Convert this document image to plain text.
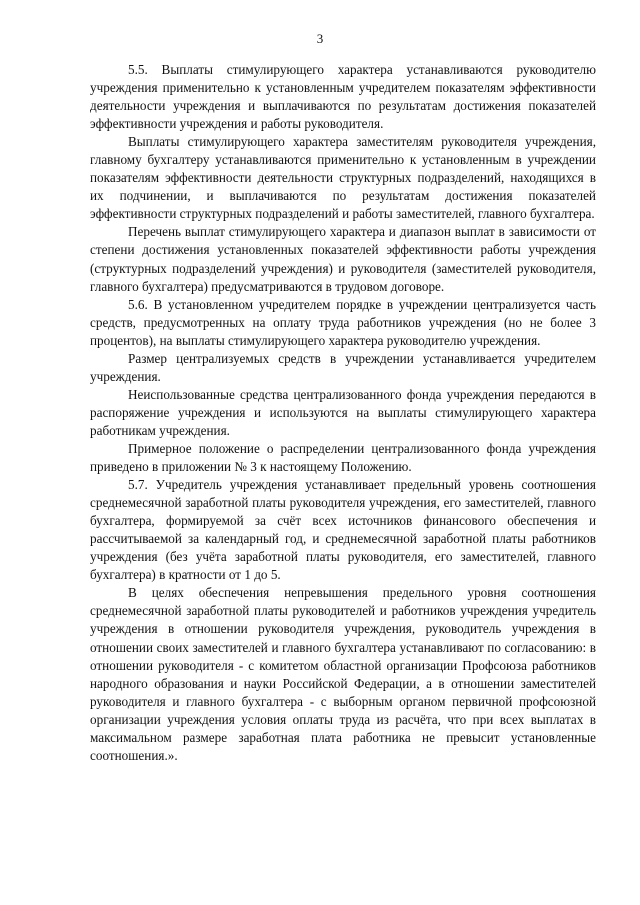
3

5.5. Выплаты стимулирующего характера устанавливаются руководителю учреждения применительно к установленным учредителем показателям эффективности деятельности учреждения и выплачиваются по результатам достижения показателей эффективности учреждения и работы руководителя.

Выплаты стимулирующего характера заместителям руководителя учреждения, главному бухгалтеру устанавливаются применительно к установленным в учреждении показателям эффективности деятельности структурных подразделений, находящихся в их подчинении, и выплачиваются по результатам достижения показателей эффективности структурных подразделений и работы заместителей, главного бухгалтера.

Перечень выплат стимулирующего характера и диапазон выплат в зависимости от степени достижения установленных показателей эффективности работы учреждения (структурных подразделений учреждения) и руководителя (заместителей руководителя, главного бухгалтера) предусматриваются в трудовом договоре.

5.6. В установленном учредителем порядке в учреждении централизуется часть средств, предусмотренных на оплату труда работников учреждения (но не более 3 процентов), на выплаты стимулирующего характера руководителю учреждения.

Размер централизуемых средств в учреждении устанавливается учредителем учреждения.

Неиспользованные средства централизованного фонда учреждения передаются в распоряжение учреждения и используются на выплаты стимулирующего характера работникам учреждения.

Примерное положение о распределении централизованного фонда учреждения приведено в приложении № 3 к настоящему Положению.

5.7. Учредитель учреждения устанавливает предельный уровень соотношения среднемесячной заработной платы руководителя учреждения, его заместителей, главного бухгалтера, формируемой за счёт всех источников финансового обеспечения и рассчитываемой за календарный год, и среднемесячной заработной платы работников учреждения (без учёта заработной платы руководителя, его заместителей, главного бухгалтера) в кратности от 1 до 5.

В целях обеспечения непревышения предельного уровня соотношения среднемесячной заработной платы руководителей и работников учреждения учредитель учреждения в отношении руководителя учреждения, руководитель учреждения в отношении своих заместителей и главного бухгалтера устанавливают по согласованию: в отношении руководителя - с комитетом областной организации Профсоюза работников народного образования и науки Российской Федерации, а в отношении заместителей руководителя и главного бухгалтера - с выборным органом первичной профсоюзной организации учреждения условия оплаты труда из расчёта, что при всех выплатах в максимальном размере заработная плата работника не превысит установленные соотношения.».
